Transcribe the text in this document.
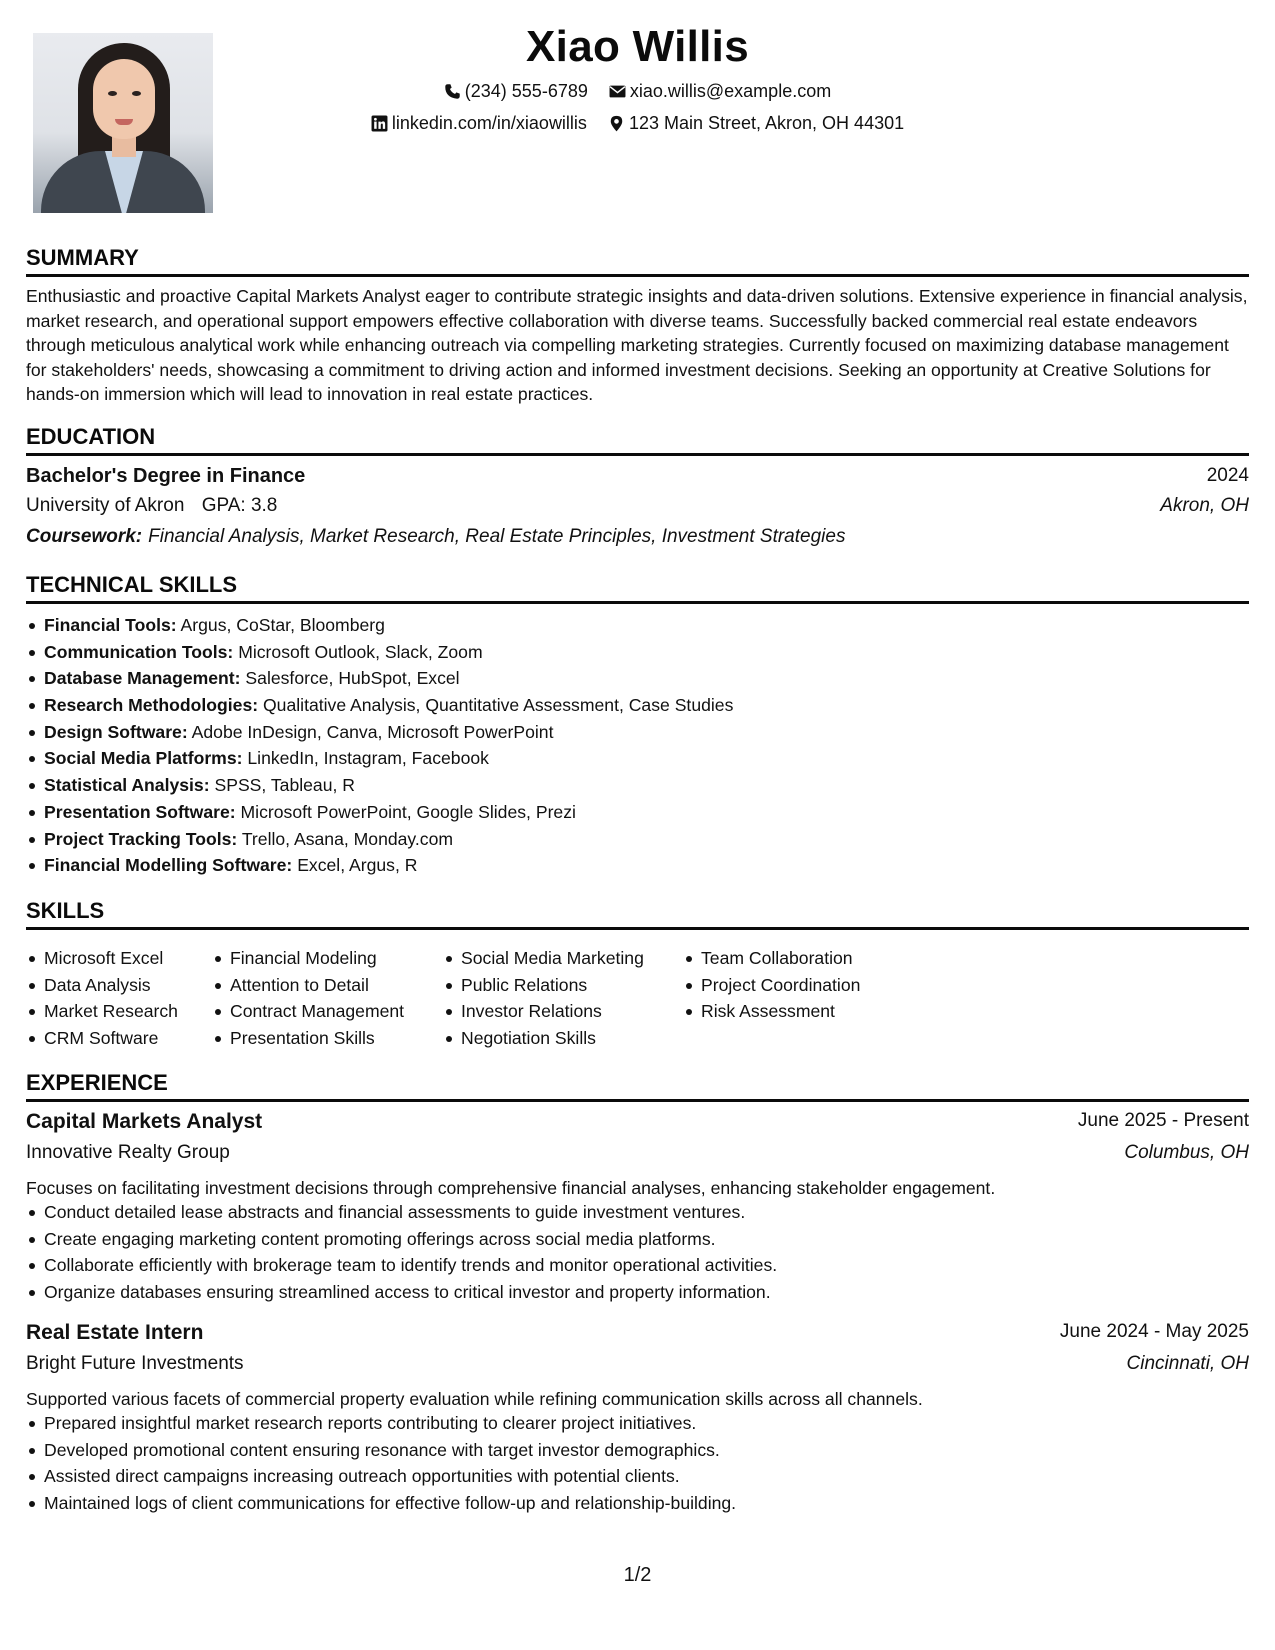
Xiao Willis
(234) 555-6789
xiao.willis@example.com
linkedin.com/in/xiaowillis
123 Main Street, Akron, OH 44301
SUMMARY
Enthusiastic and proactive Capital Markets Analyst eager to contribute strategic insights and data-driven solutions. Extensive experience in financial analysis, market research, and operational support empowers effective collaboration with diverse teams. Successfully backed commercial real estate endeavors through meticulous analytical work while enhancing outreach via compelling marketing strategies. Currently focused on maximizing database management for stakeholders' needs, showcasing a commitment to driving action and informed investment decisions. Seeking an opportunity at Creative Solutions for hands-on immersion which will lead to innovation in real estate practices.
EDUCATION
Bachelor's Degree in Finance	2024
University of Akron GPA: 3.8	Akron, OH
Coursework: Financial Analysis, Market Research, Real Estate Principles, Investment Strategies
TECHNICAL SKILLS
Financial Tools: Argus, CoStar, Bloomberg
Communication Tools: Microsoft Outlook, Slack, Zoom
Database Management: Salesforce, HubSpot, Excel
Research Methodologies: Qualitative Analysis, Quantitative Assessment, Case Studies
Design Software: Adobe InDesign, Canva, Microsoft PowerPoint
Social Media Platforms: LinkedIn, Instagram, Facebook
Statistical Analysis: SPSS, Tableau, R
Presentation Software: Microsoft PowerPoint, Google Slides, Prezi
Project Tracking Tools: Trello, Asana, Monday.com
Financial Modelling Software: Excel, Argus, R
SKILLS
Microsoft Excel
Data Analysis
Market Research
CRM Software
Financial Modeling
Attention to Detail
Contract Management
Presentation Skills
Social Media Marketing
Public Relations
Investor Relations
Negotiation Skills
Team Collaboration
Project Coordination
Risk Assessment
EXPERIENCE
Capital Markets Analyst	June 2025 - Present
Innovative Realty Group	Columbus, OH
Focuses on facilitating investment decisions through comprehensive financial analyses, enhancing stakeholder engagement.
Conduct detailed lease abstracts and financial assessments to guide investment ventures.
Create engaging marketing content promoting offerings across social media platforms.
Collaborate efficiently with brokerage team to identify trends and monitor operational activities.
Organize databases ensuring streamlined access to critical investor and property information.
Real Estate Intern	June 2024 - May 2025
Bright Future Investments	Cincinnati, OH
Supported various facets of commercial property evaluation while refining communication skills across all channels.
Prepared insightful market research reports contributing to clearer project initiatives.
Developed promotional content ensuring resonance with target investor demographics.
Assisted direct campaigns increasing outreach opportunities with potential clients.
Maintained logs of client communications for effective follow-up and relationship-building.
1/2
